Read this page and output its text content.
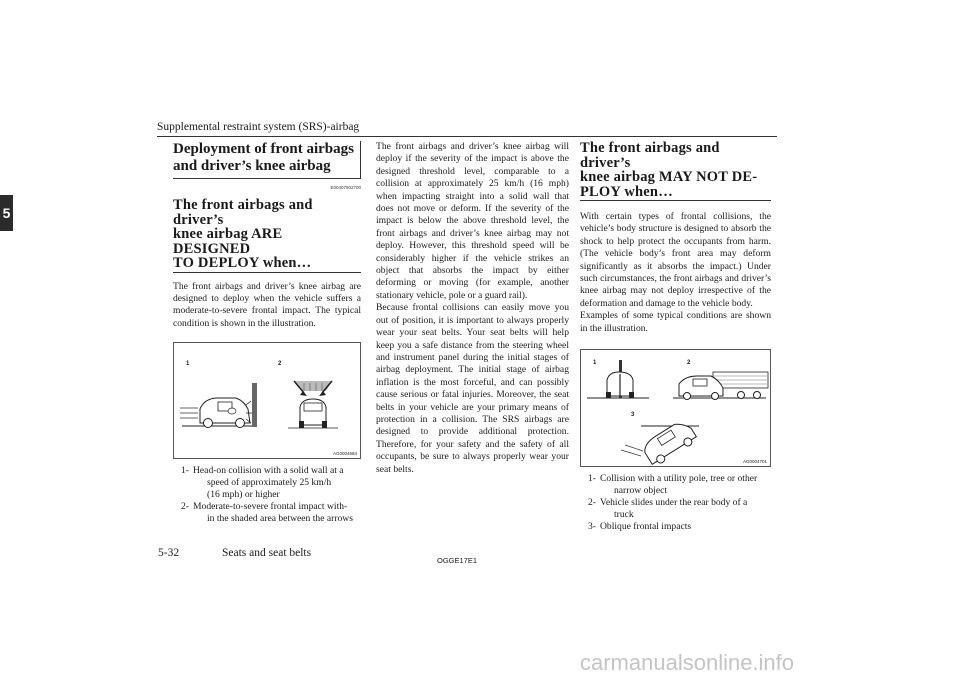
Supplemental restraint system (SRS)-airbag
5
Deployment of front airbags
and driver’s knee airbag
E00407502700
The front airbags and driver’s
knee airbag ARE DESIGNED
TO DEPLOY when…

The front airbags and driver’s knee airbag are designed to deploy when the vehicle suffers a moderate-to-severe frontal impact. The typical condition is shown in the illustration.

1	2
AG0004684
1- Head-on collision with a solid wall at a
speed of approximately 25 km/h
(16 mph) or higher
2- Moderate-to-severe frontal impact with-
in the shaded area between the arrows

The front airbags and driver’s knee airbag will deploy if the severity of the impact is above the designed threshold level, comparable to a collision at approximately 25 km/h (16 mph) when impacting straight into a solid wall that does not move or deform. If the severity of the impact is below the above threshold level, the front airbags and driver’s knee airbag may not deploy. However, this threshold speed will be considerably higher if the vehicle strikes an object that absorbs the impact by either deforming or moving (for example, another stationary vehicle, pole or a guard rail).

Because frontal collisions can easily move you out of position, it is important to always properly wear your seat belts. Your seat belts will help keep you a safe distance from the steering wheel and instrument panel during the initial stages of airbag deployment. The initial stage of airbag inflation is the most forceful, and can possibly cause serious or fatal injuries. Moreover, the seat belts in your vehicle are your primary means of protection in a collision. The SRS airbags are designed to provide additional protection. Therefore, for your safety and the safety of all occupants, be sure to always properly wear your seat belts.

The front airbags and driver’s
knee airbag MAY NOT DE-
PLOY when…

With certain types of frontal collisions, the vehicle’s body structure is designed to absorb the shock to help protect the occupants from harm. (The vehicle body’s front area may deform significantly as it absorbs the impact.) Under such circumstances, the front airbags and driver’s knee airbag may not deploy irrespective of the deformation and damage to the vehicle body.

Examples of some typical conditions are shown in the illustration.

1	2
3
AG0004701
1- Collision with a utility pole, tree or other
narrow object
2- Vehicle slides under the rear body of a
truck
3- Oblique frontal impacts
5-32	Seats and seat belts
OGGE17E1
carmanualsonline.info
